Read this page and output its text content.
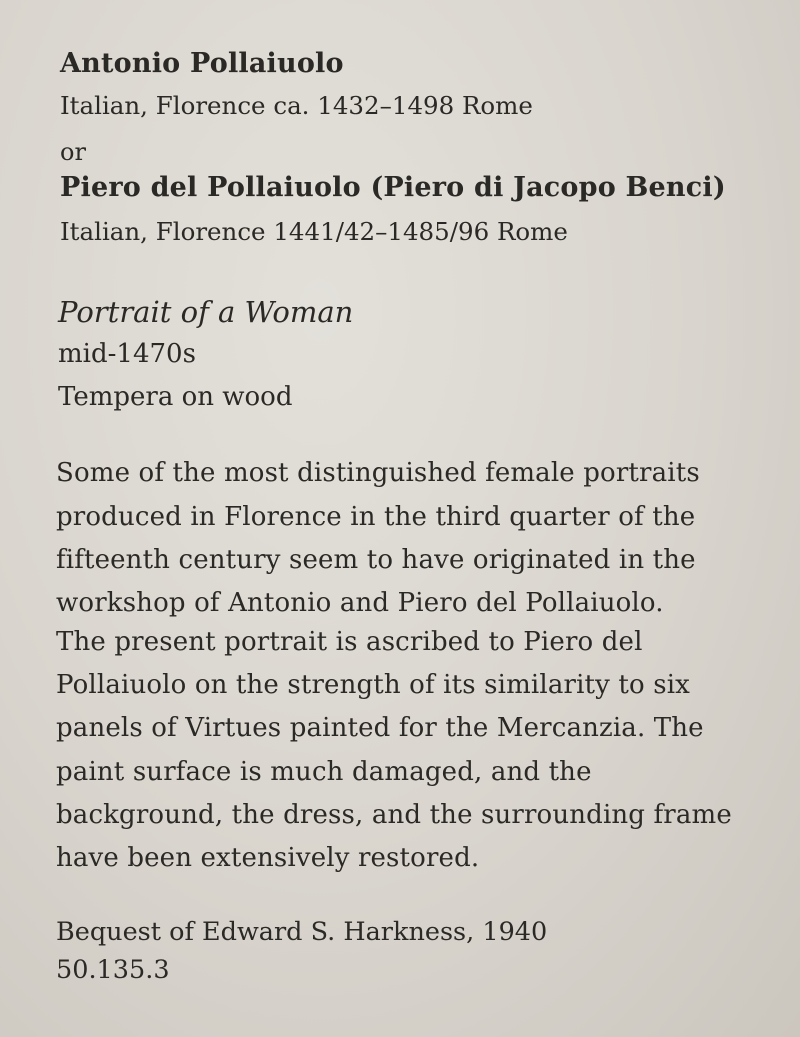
Antonio Pollaiuolo
Italian, Florence ca. 1432–1498 Rome
or
Piero del Pollaiuolo (Piero di Jacopo Benci)
Italian, Florence 1441/42–1485/96 Rome
Portrait of a Woman
mid-1470s
Tempera on wood
Some of the most distinguished female portraits
produced in Florence in the third quarter of the
fifteenth century seem to have originated in the
workshop of Antonio and Piero del Pollaiuolo.
The present portrait is ascribed to Piero del
Pollaiuolo on the strength of its similarity to six
panels of Virtues painted for the Mercanzia. The
paint surface is much damaged, and the
background, the dress, and the surrounding frame
have been extensively restored.
Bequest of Edward S. Harkness, 1940
50.135.3
